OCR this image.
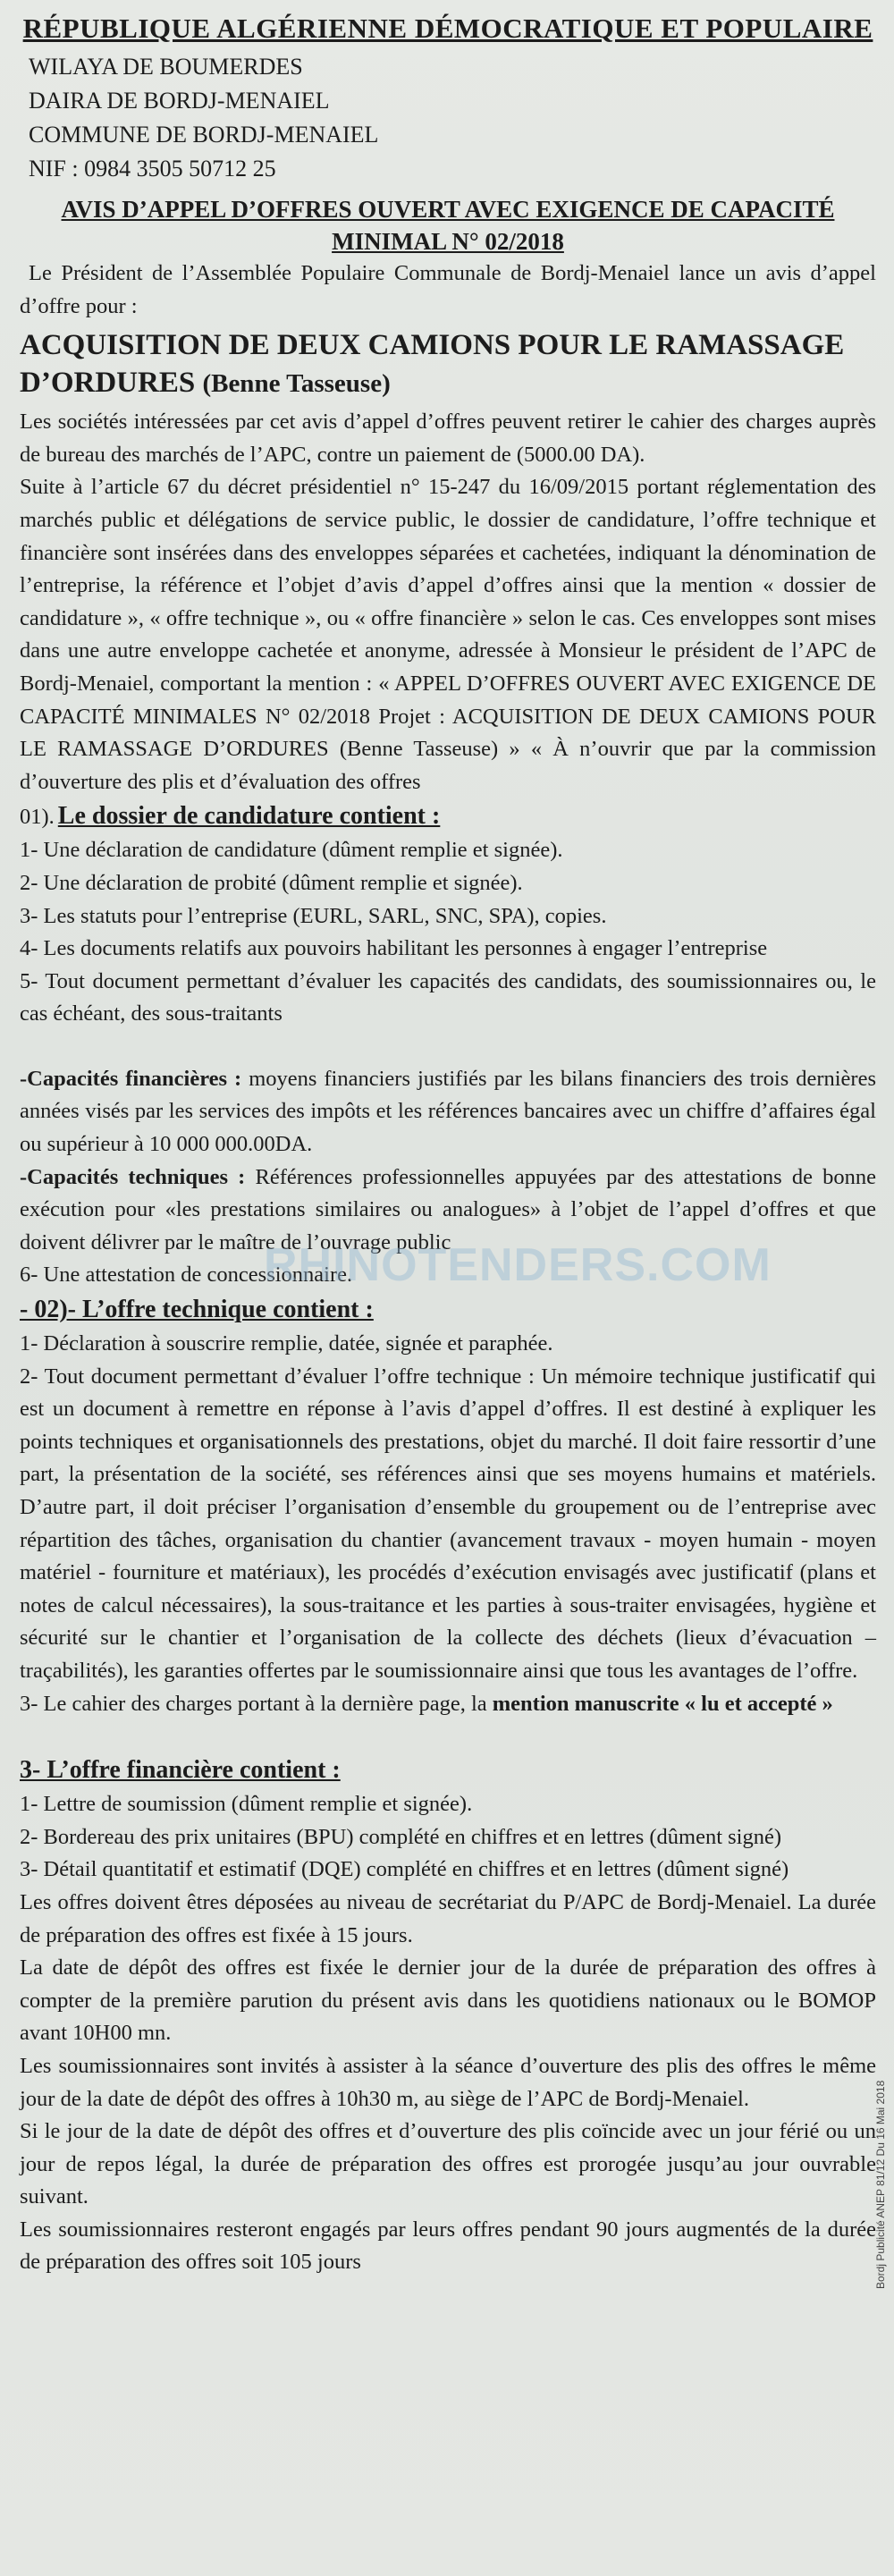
RÉPUBLIQUE ALGÉRIENNE DÉMOCRATIQUE ET POPULAIRE
WILAYA DE BOUMERDES
DAIRA DE BORDJ-MENAIEL
COMMUNE DE BORDJ-MENAIEL
NIF : 0984 3505 50712 25
AVIS D’APPEL D’OFFRES OUVERT AVEC EXIGENCE DE CAPACITÉ
MINIMAL N° 02/2018

Le Président de l’Assemblée Populaire Communale de Bordj-Menaiel lance un avis d’appel d’offre pour :

ACQUISITION DE DEUX CAMIONS POUR LE RAMASSAGE D’ORDURES (Benne Tasseuse)

Les sociétés intéressées par cet avis d’appel d’offres peuvent retirer le cahier des charges auprès de bureau des marchés de l’APC, contre un paiement de (5000.00 DA).

Suite à l’article 67 du décret présidentiel n° 15-247 du 16/09/2015 portant réglementation des marchés public et délégations de service public, le dossier de candidature, l’offre technique et financière sont insérées dans des enveloppes séparées et cachetées, indiquant la dénomination de l’entreprise, la référence et l’objet d’avis d’appel d’offres ainsi que la mention « dossier de candidature », « offre technique », ou « offre financière » selon le cas. Ces enveloppes sont mises dans une autre enveloppe cachetée et anonyme, adressée à Monsieur le président de l’APC de Bordj-Menaiel, comportant la mention : « APPEL D’OFFRES OUVERT AVEC EXIGENCE DE CAPACITÉ MINIMALES N° 02/2018 Projet : ACQUISITION DE DEUX CAMIONS POUR LE RAMASSAGE D’ORDURES (Benne Tasseuse) » « À n’ouvrir que par la commission d’ouverture des plis et d’évaluation des offres

01). Le dossier de candidature contient :

1- Une déclaration de candidature (dûment remplie et signée).

2- Une déclaration de probité (dûment remplie et signée).

3- Les statuts pour l’entreprise (EURL, SARL, SNC, SPA), copies.

4- Les documents relatifs aux pouvoirs habilitant les personnes à engager l’entreprise

5- Tout document permettant d’évaluer les capacités des candidats, des soumissionnaires ou, le cas échéant, des sous-traitants

-Capacités financières : moyens financiers justifiés par les bilans financiers des trois dernières années visés par les services des impôts et les références bancaires avec un chiffre d’affaires égal ou supérieur à 10 000 000.00DA.

-Capacités techniques : Références professionnelles appuyées par des attestations de bonne exécution pour «les prestations similaires ou analogues» à l’objet de l’appel d’offres et que doivent délivrer par le maître de l’ouvrage public

6- Une attestation de concessionnaire.

- 02)- L’offre technique contient :

1- Déclaration à souscrire remplie, datée, signée et paraphée.

2- Tout document permettant d’évaluer l’offre technique : Un mémoire technique justificatif qui est un document à remettre en réponse à l’avis d’appel d’offres. Il est destiné à expliquer les points techniques et organisationnels des prestations, objet du marché. Il doit faire ressortir d’une part, la présentation de la société, ses références ainsi que ses moyens humains et matériels. D’autre part, il doit préciser l’organisation d’ensemble du groupement ou de l’entreprise avec répartition des tâches, organisation du chantier (avancement travaux - moyen humain - moyen matériel - fourniture et matériaux), les procédés d’exécution envisagés avec justificatif (plans et notes de calcul nécessaires), la sous-traitance et les parties à sous-traiter envisagées, hygiène et sécurité sur le chantier et l’organisation de la collecte des déchets (lieux d’évacuation – traçabilités), les garanties offertes par le soumissionnaire ainsi que tous les avantages de l’offre.

3- Le cahier des charges portant à la dernière page, la mention manuscrite « lu et accepté »

3- L’offre financière contient :

1- Lettre de soumission (dûment remplie et signée).

2- Bordereau des prix unitaires (BPU) complété en chiffres et en lettres (dûment signé)

3- Détail quantitatif et estimatif (DQE) complété en chiffres et en lettres (dûment signé)

Les offres doivent êtres déposées au niveau de secrétariat du P/APC de Bordj-Menaiel. La durée de préparation des offres est fixée à 15 jours.

La date de dépôt des offres est fixée le dernier jour de la durée de préparation des offres à compter de la première parution du présent avis dans les quotidiens nationaux ou le BOMOP avant 10H00 mn.

Les soumissionnaires sont invités à assister à la séance d’ouverture des plis des offres le même jour de la date de dépôt des offres à 10h30 m, au siège de l’APC de Bordj-Menaiel.

Si le jour de la date de dépôt des offres et d’ouverture des plis coïncide avec un jour férié ou un jour de repos légal, la durée de préparation des offres est prorogée jusqu’au jour ouvrable suivant.

Les soumissionnaires resteront engagés par leurs offres pendant 90 jours augmentés de la durée de préparation des offres soit 105 jours

RHINOTENDERS.COM
Bordj Publicité ANEP 81/12 Du 16 Mai 2018
